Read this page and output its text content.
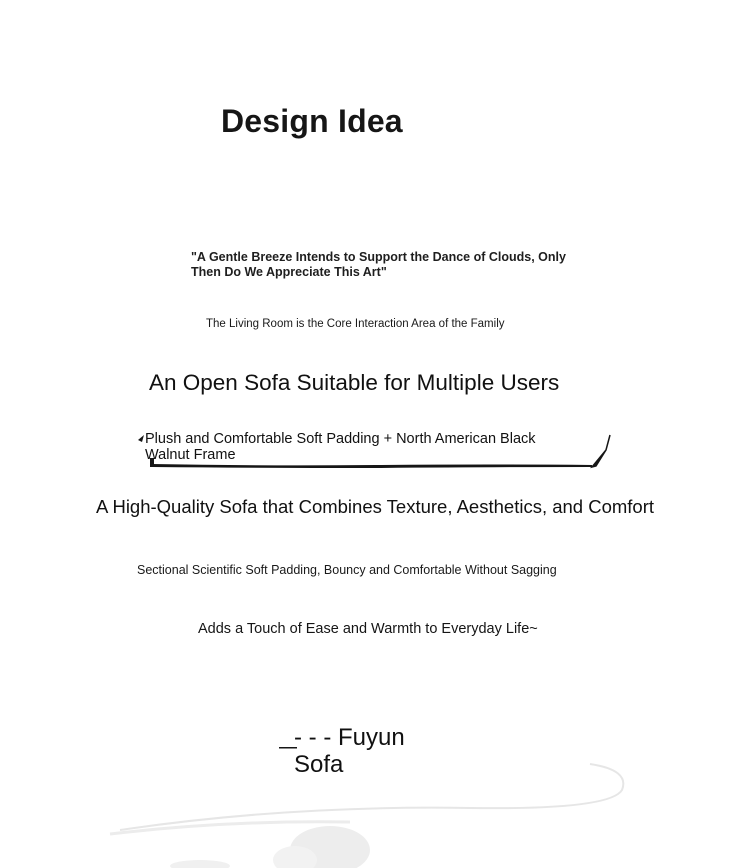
Design Idea

"A Gentle Breeze Intends to Support the Dance of Clouds, Only Then Do We Appreciate This Art"

The Living Room is the Core Interaction Area of the Family

An Open Sofa Suitable for Multiple Users

Plush and Comfortable Soft Padding + North American Black Walnut Frame

A High-Quality Sofa that Combines Texture, Aesthetics, and Comfort

Sectional Scientific Soft Padding, Bouncy and Comfortable Without Sagging

Adds a Touch of Ease and Warmth to Everyday Life~

- - - Fuyun Sofa
